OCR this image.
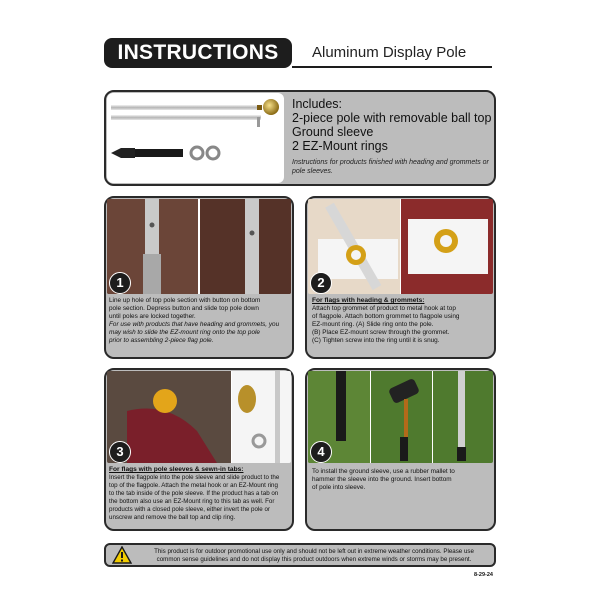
INSTRUCTIONS	Aluminum Display Pole
Includes:
2-piece pole with removable ball top
Ground sleeve
2 EZ-Mount rings
Instructions for products finished with heading and grommets or pole sleeves.
1
Line up hole of top pole section with button on bottom
pole section. Depress button and slide top pole down
until poles are locked together.
For use with products that have heading and grommets, you
may wish to slide the EZ-mount ring onto the top pole
prior to assembling 2-piece flag pole.
2
For flags with heading & grommets:
Attach top grommet of product to metal hook at top
of flagpole. Attach bottom grommet to flagpole using
EZ-mount ring. (A) Slide ring onto the pole.
(B) Place EZ-mount screw through the grommet.
(C) Tighten screw into the ring until it is snug.
3
For flags with pole sleeves & sewn-in tabs:
Insert the flagpole into the pole sleeve and slide product to the
top of the flagpole. Attach the metal hook or an EZ-Mount ring
to the tab inside of the pole sleeve. If the product has a tab on
the bottom also use an EZ-Mount ring to this tab as well. For
products with a closed pole sleeve, either invert the pole or
unscrew and remove the ball top and clip ring.
4
To install the ground sleeve, use a rubber mallet to
hammer the sleeve into the ground. Insert bottom
of pole into sleeve.
This product is for outdoor promotional use only and should not be left out in extreme weather conditions. Please use
common sense guidelines and do not display this product outdoors when extreme winds or storms may be present.
8-29-24
